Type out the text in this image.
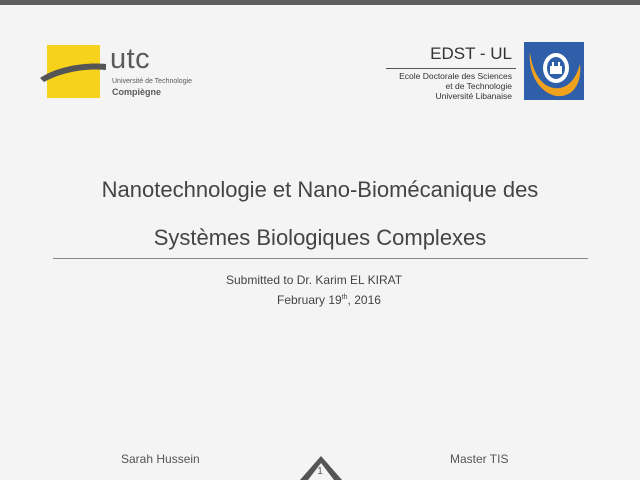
utc
Université de Technologie
Compiègne
EDST - UL
Ecole Doctorale des Sciences
et de Technologie
Université Libanaise
Nanotechnologie et Nano-Biomécanique des
Systèmes Biologiques Complexes
Submitted to Dr. Karim EL KIRAT
February 19th, 2016
Sarah Hussein	Master TIS
1
